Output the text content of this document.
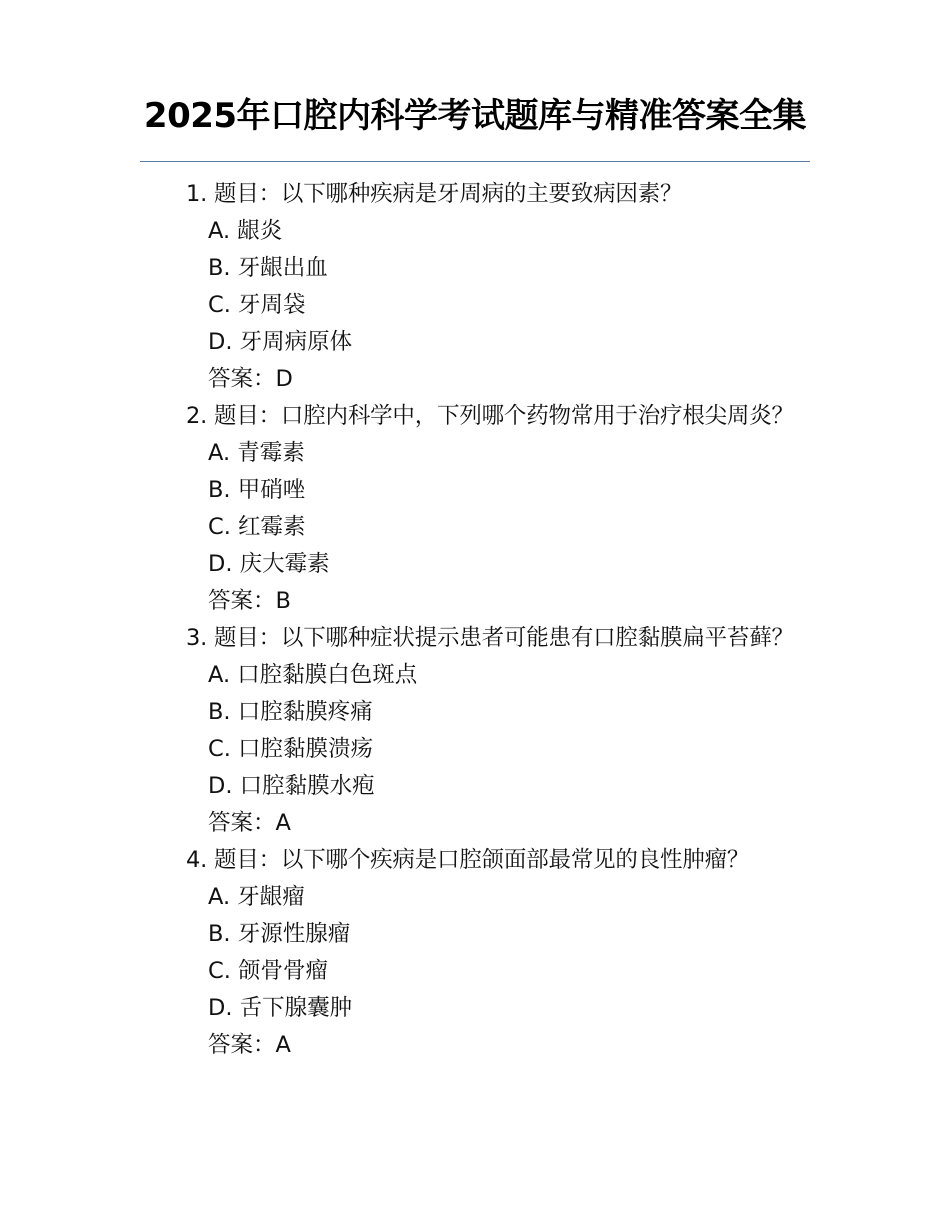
2025年口腔内科学考试题库与精准答案全集

1. 题目：以下哪种疾病是牙周病的主要致病因素？

A. 龈炎

B. 牙龈出血

C. 牙周袋

D. 牙周病原体

答案：D

2. 题目：口腔内科学中，下列哪个药物常用于治疗根尖周炎？

A. 青霉素

B. 甲硝唑

C. 红霉素

D. 庆大霉素

答案：B

3. 题目：以下哪种症状提示患者可能患有口腔黏膜扁平苔藓？

A. 口腔黏膜白色斑点

B. 口腔黏膜疼痛

C. 口腔黏膜溃疡

D. 口腔黏膜水疱

答案：A

4. 题目：以下哪个疾病是口腔颌面部最常见的良性肿瘤？

A. 牙龈瘤

B. 牙源性腺瘤

C. 颌骨骨瘤

D. 舌下腺囊肿

答案：A
